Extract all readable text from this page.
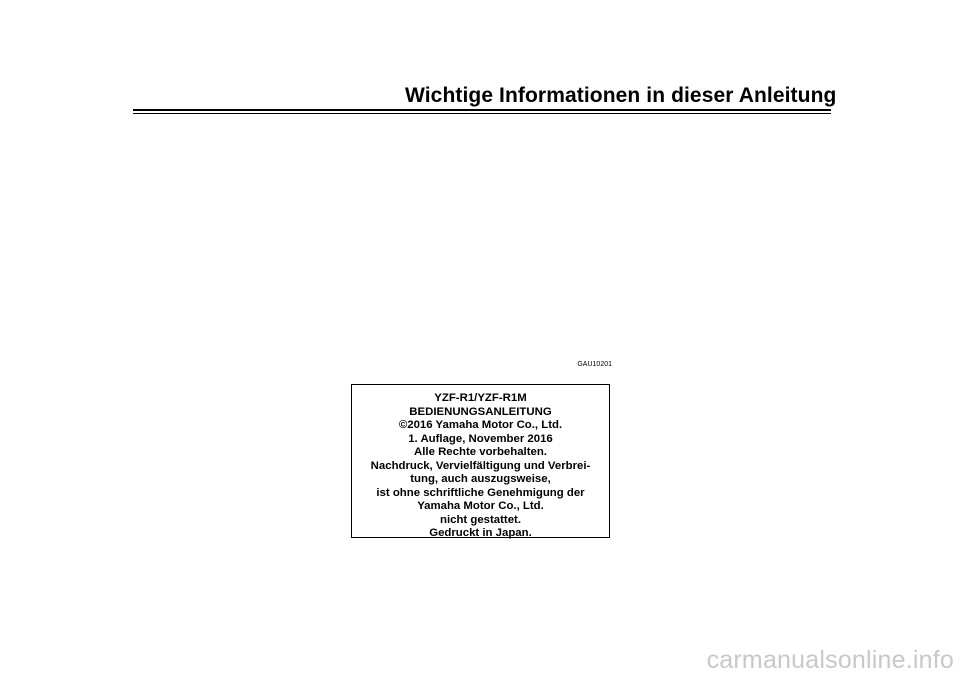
Wichtige Informationen in dieser Anleitung
GAU10201
YZF-R1/YZF-R1M
BEDIENUNGSANLEITUNG
©2016 Yamaha Motor Co., Ltd.
1. Auflage, November 2016
Alle Rechte vorbehalten.
Nachdruck, Vervielfältigung und Verbrei-
tung, auch auszugsweise,
ist ohne schriftliche Genehmigung der
Yamaha Motor Co., Ltd.
nicht gestattet.
Gedruckt in Japan.
carmanualsonline.info
